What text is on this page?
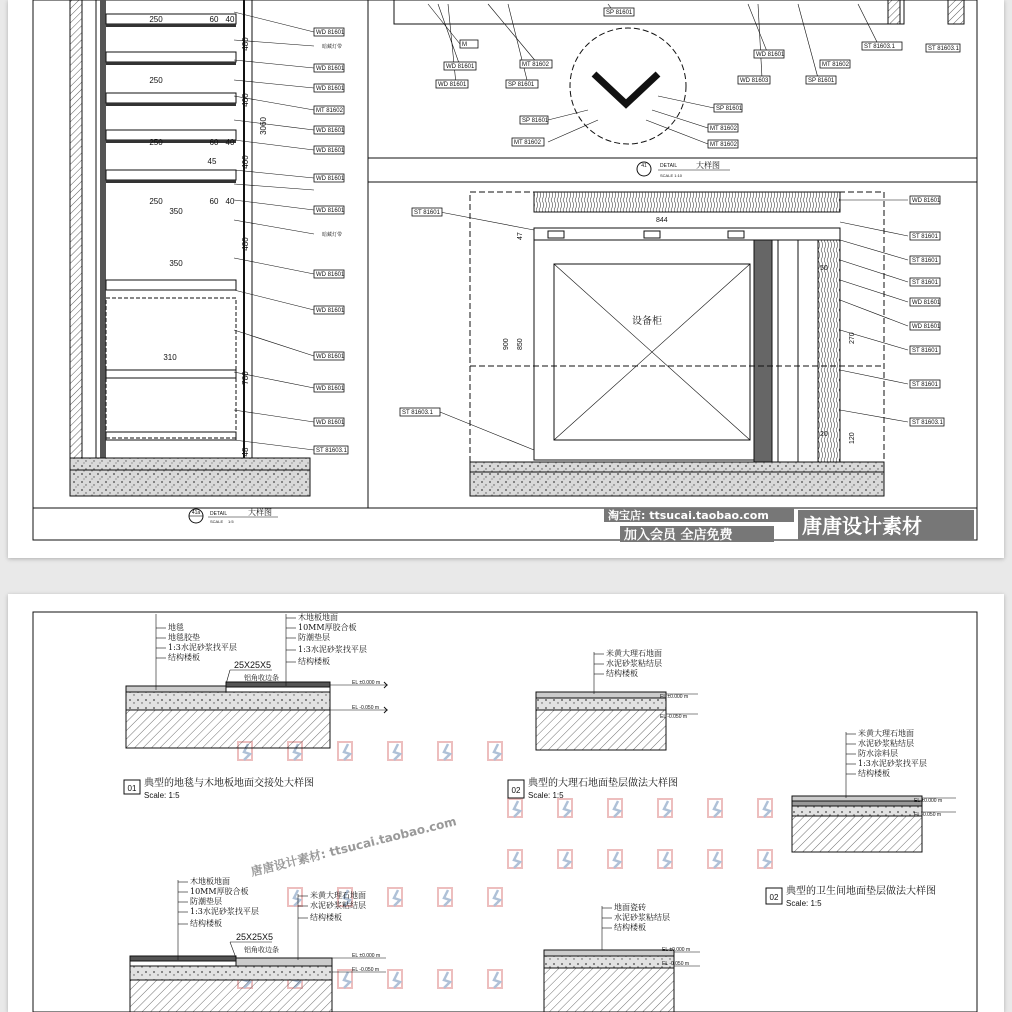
250	60 40
250
250	60 40
45
250	60 40
350
350
310
480
400
3060
400
480
780
48
WD 81601
WD 81601
WD 81601
MT 81602
WD 81601
WD 81601
WD 81601
WD 81601
WD 81601
WD 81601
WD 81601
WD 81601
WD 81601
ST 81603.1
暗藏灯带
暗藏灯带
41a DETAIL
SCALE 1:5
大样图
M
WD 81601
WD 81601
MT 81602
SP 81601
SP 81601
WD 81601
WD 81603	SP 81601
MT 81602
ST 81603.1	ST 81603.1
SP 81601
MT 81602
SP 81601
MT 81602
MT 81602
41	DETAIL
SCALE 1:10
大样图
设备柜
844
47
900 850
270
120
50
20
ST 81601
ST 81603.1
WD 81601
ST 81601
ST 81601
ST 81601
WD 81601
WD 81601
ST 81601
ST 81601
ST 81603.1
淘宝店: ttsucai.taobao.com
加入会员 全店免费	唐唐设计素材
地毯
地毯胶垫
1:3水泥砂浆找平层
结构楼板
木地板地面
10MM厚胶合板
防潮垫层
1:3水泥砂浆找平层
结构楼板
铝角收边条
25X25X5
EL ±0.000 m
EL -0.050 m
01 典型的地毯与木地板地面交接处大样图
Scale: 1:5
米黄大理石地面
水泥砂浆粘结层
结构楼板
EL ±0.000 m
EL -0.050 m
02
典型的大理石地面垫层做法大样图
Scale: 1:5
米黄大理石地面
水泥砂浆粘结层
防水涂料层
1:3水泥砂浆找平层
结构楼板
EL ±0.000 m
EL -0.050 m
02
典型的卫生间地面垫层做法大样图
Scale: 1:5
唐唐设计素材: ttsucai.taobao.com
木地板地面
10MM厚胶合板
防潮垫层
1:3水泥砂浆找平层
结构楼板
米黄大理石地面
水泥砂浆粘结层
结构楼板
铝角收边条
25X25X5
EL ±0.000 m
EL -0.050 m
地面瓷砖
水泥砂浆粘结层
结构楼板
EL ±0.000 m
EL -0.050 m
